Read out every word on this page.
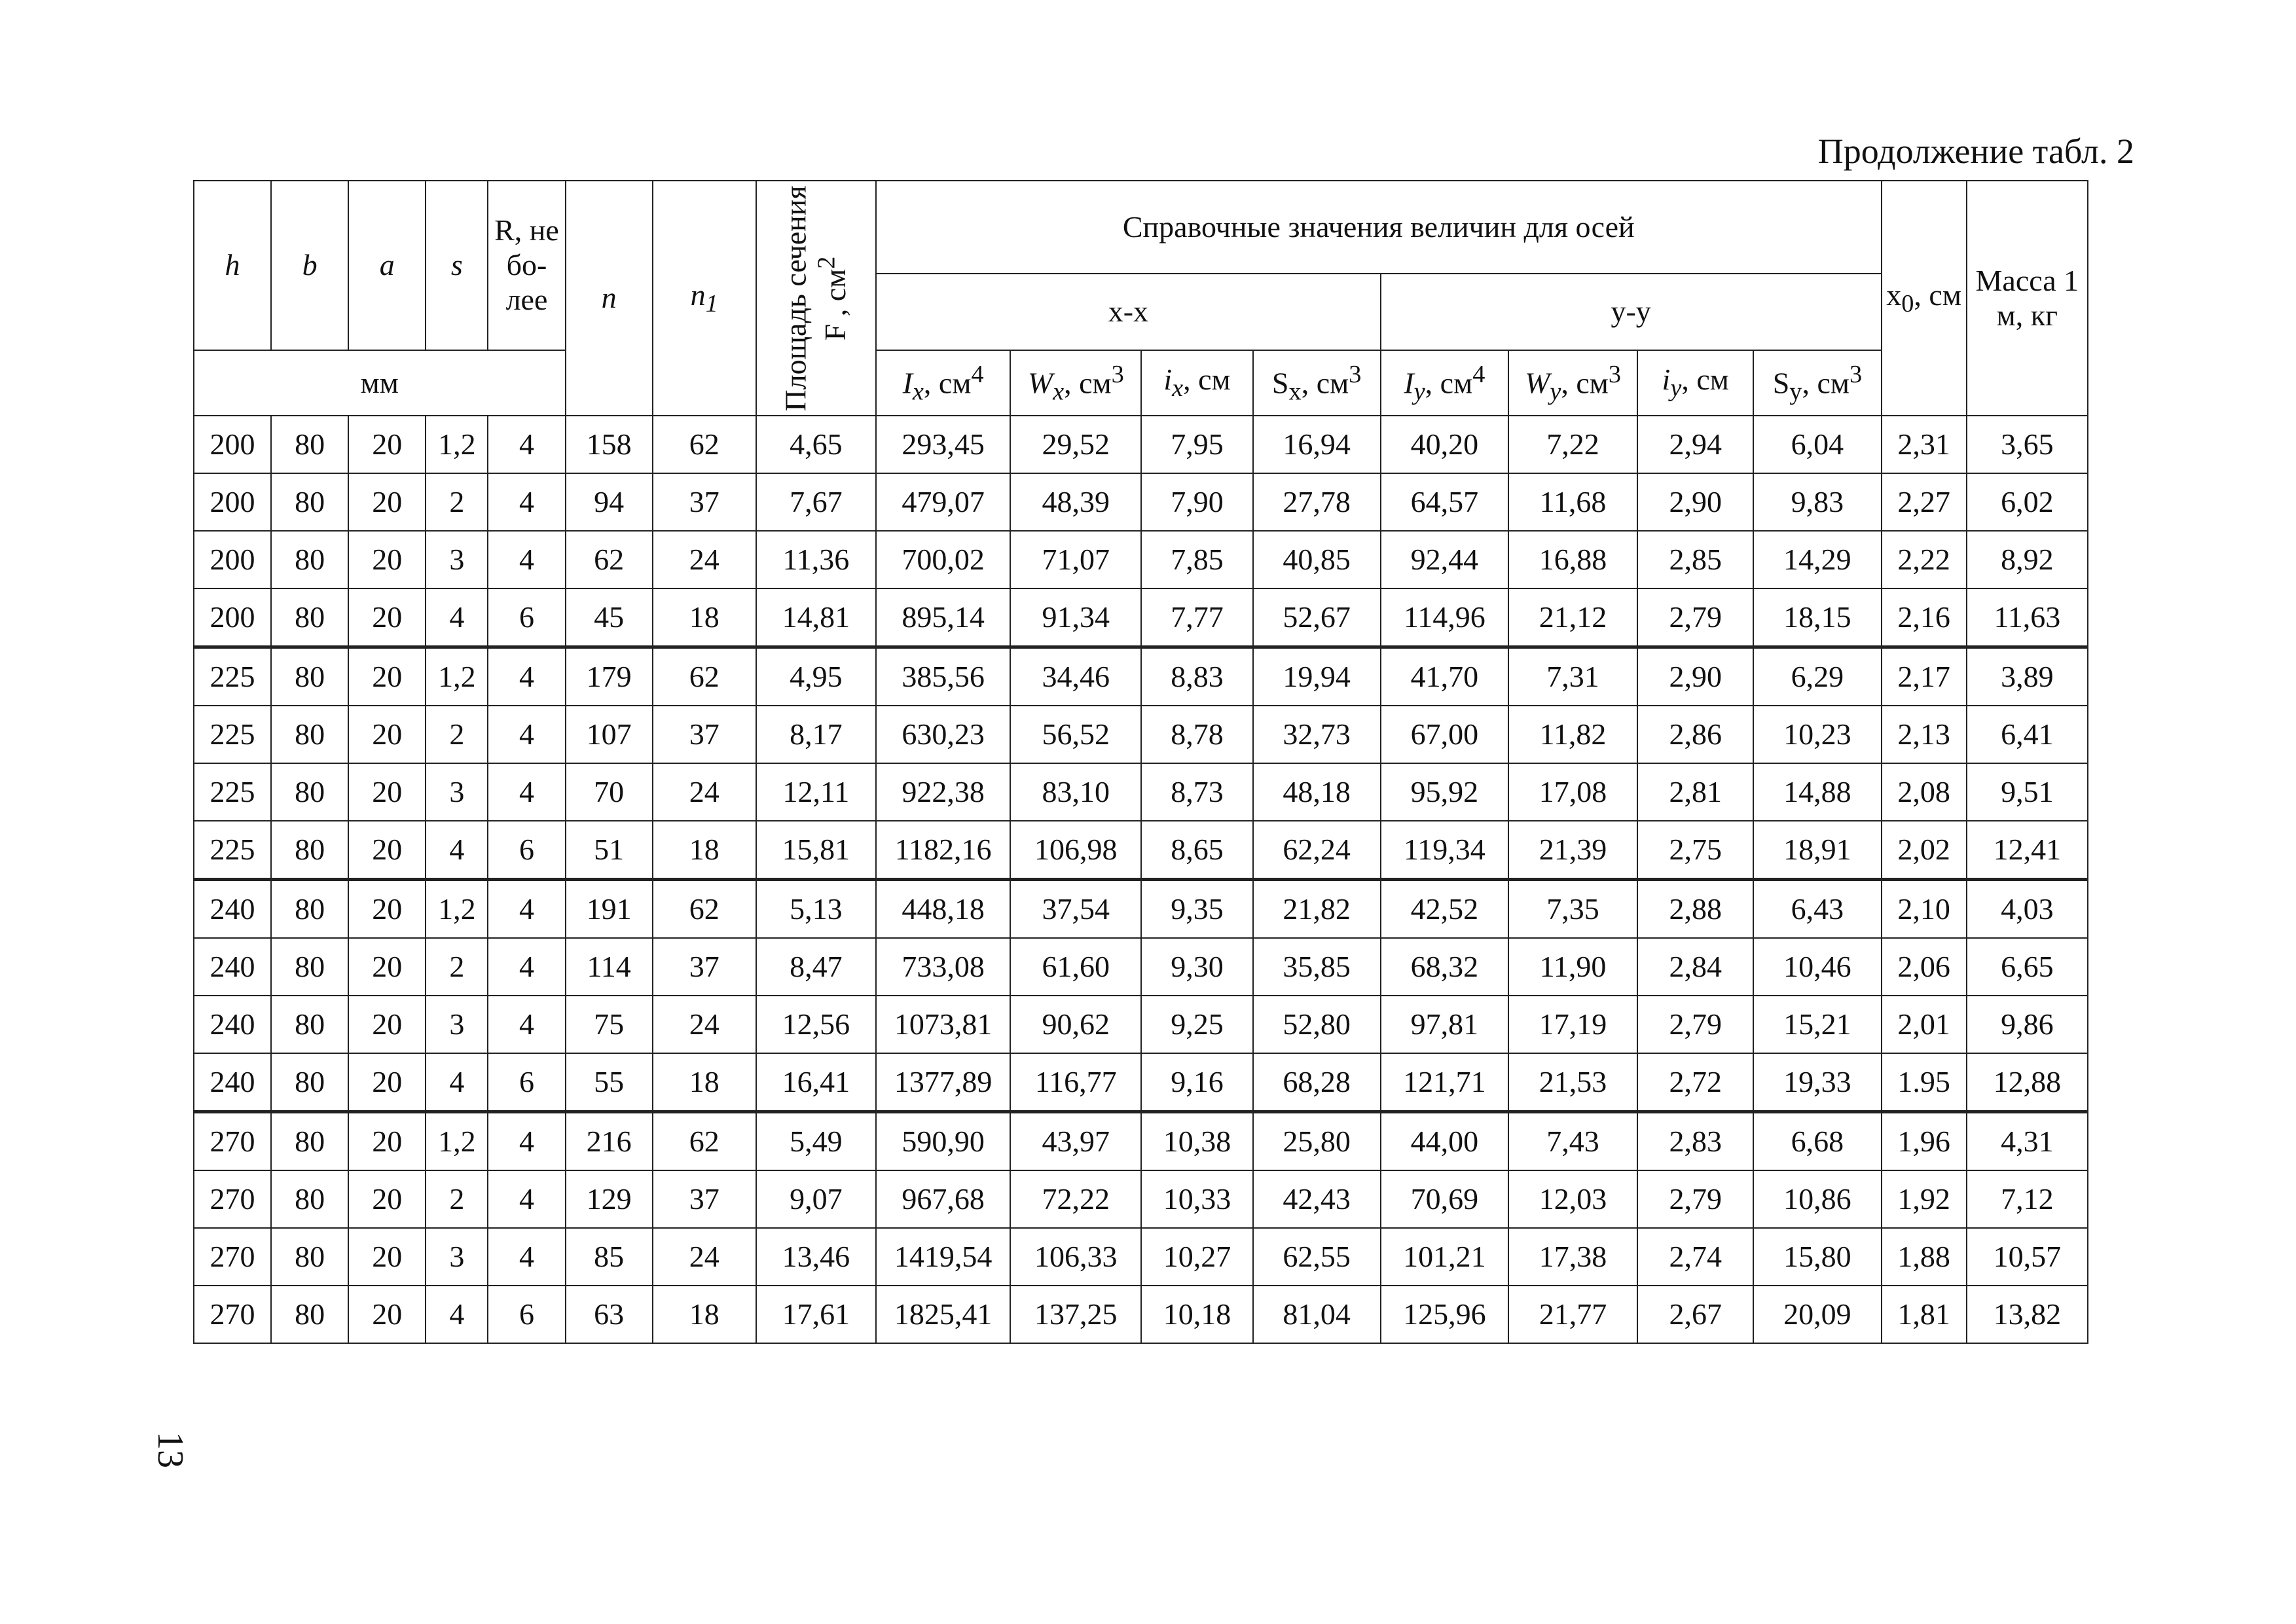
Продолжение табл. 2
13
h	b	a	s	R, не бо-лее	n	$n_1$	Площадь сечения F , $см^2$	Справочные значения величин для осей								$x_0$, см	Масса 1 м, кг
								x-x				y-y					
мм								$I_x$, $см^4$	$W_x$, $см^3$	$i_x$, см	$S_x$, $см^3$	$I_y$, $см^4$	$W_y$, $см^3$	$i_y$, см	$S_y$, $см^3$
200	80	20	1,2	4	158	62	4,65	293,45	29,52	7,95	16,94	40,20	7,22	2,94	6,04	2,31	3,65
200	80	20	2	4	94	37	7,67	479,07	48,39	7,90	27,78	64,57	11,68	2,90	9,83	2,27	6,02
200	80	20	3	4	62	24	11,36	700,02	71,07	7,85	40,85	92,44	16,88	2,85	14,29	2,22	8,92
200	80	20	4	6	45	18	14,81	895,14	91,34	7,77	52,67	114,96	21,12	2,79	18,15	2,16	11,63
225	80	20	1,2	4	179	62	4,95	385,56	34,46	8,83	19,94	41,70	7,31	2,90	6,29	2,17	3,89
225	80	20	2	4	107	37	8,17	630,23	56,52	8,78	32,73	67,00	11,82	2,86	10,23	2,13	6,41
225	80	20	3	4	70	24	12,11	922,38	83,10	8,73	48,18	95,92	17,08	2,81	14,88	2,08	9,51
225	80	20	4	6	51	18	15,81	1182,16	106,98	8,65	62,24	119,34	21,39	2,75	18,91	2,02	12,41
240	80	20	1,2	4	191	62	5,13	448,18	37,54	9,35	21,82	42,52	7,35	2,88	6,43	2,10	4,03
240	80	20	2	4	114	37	8,47	733,08	61,60	9,30	35,85	68,32	11,90	2,84	10,46	2,06	6,65
240	80	20	3	4	75	24	12,56	1073,81	90,62	9,25	52,80	97,81	17,19	2,79	15,21	2,01	9,86
240	80	20	4	6	55	18	16,41	1377,89	116,77	9,16	68,28	121,71	21,53	2,72	19,33	1.95	12,88
270	80	20	1,2	4	216	62	5,49	590,90	43,97	10,38	25,80	44,00	7,43	2,83	6,68	1,96	4,31
270	80	20	2	4	129	37	9,07	967,68	72,22	10,33	42,43	70,69	12,03	2,79	10,86	1,92	7,12
270	80	20	3	4	85	24	13,46	1419,54	106,33	10,27	62,55	101,21	17,38	2,74	15,80	1,88	10,57
270	80	20	4	6	63	18	17,61	1825,41	137,25	10,18	81,04	125,96	21,77	2,67	20,09	1,81	13,82
